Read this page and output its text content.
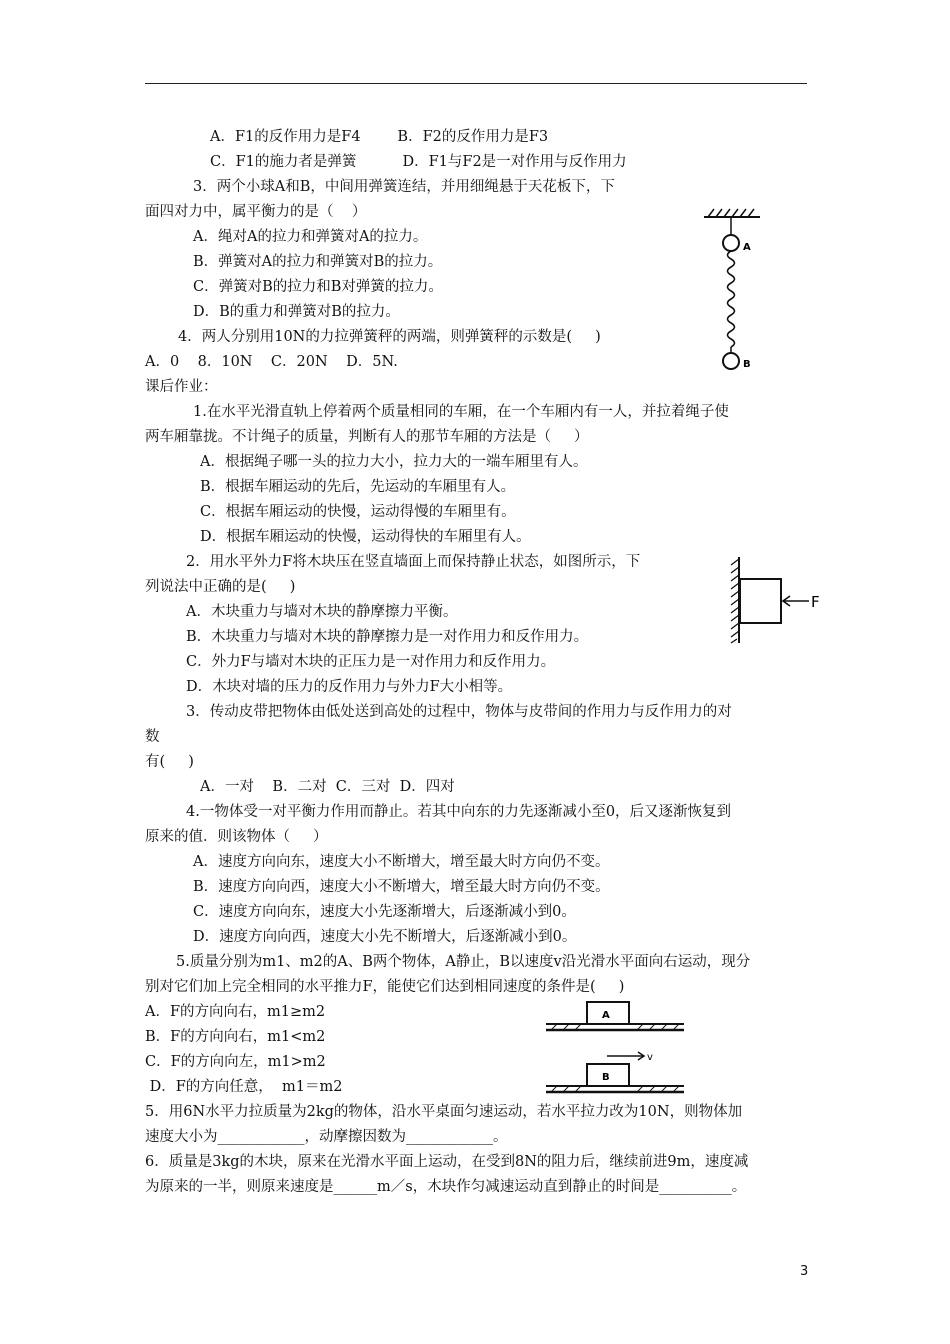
A．F1的反作用力是F4        B．F2的反作用力是F3
C．F1的施力者是弹簧          D．F1与F2是一对作用与反作用力
3．两个小球A和B，中间用弹簧连结，并用细绳悬于天花板下，下
面四对力中，属平衡力的是（    ）
A．绳对A的拉力和弹簧对A的拉力。
B．弹簧对A的拉力和弹簧对B的拉力。
C．弹簧对B的拉力和B对弹簧的拉力。
D．B的重力和弹簧对B的拉力。
4．两人分别用10N的力拉弹簧秤的两端，则弹簧秤的示数是(     )
A．0    8．10N    C．20N    D．5N.
课后作业：
1.在水平光滑直轨上停着两个质量相同的车厢，在一个车厢内有一人，并拉着绳子使
两车厢靠拢。不计绳子的质量，判断有人的那节车厢的方法是（     ）
A．根据绳子哪一头的拉力大小，拉力大的一端车厢里有人。
B．根据车厢运动的先后，先运动的车厢里有人。
C．根据车厢运动的快慢，运动得慢的车厢里有。
D．根据车厢运动的快慢，运动得快的车厢里有人。
2．用水平外力F将木块压在竖直墙面上而保持静止状态，如图所示，下
列说法中正确的是(     )
A．木块重力与墙对木块的静摩擦力平衡。
B．木块重力与墙对木块的静摩擦力是一对作用力和反作用力。
C．外力F与墙对木块的正压力是一对作用力和反作用力。
D．木块对墙的压力的反作用力与外力F大小相等。
3．传动皮带把物体由低处送到高处的过程中，物体与皮带间的作用力与反作用力的对
数
有(     )
A．一对    B．二对  C．三对  D．四对
4.一物体受一对平衡力作用而静止。若其中向东的力先逐渐减小至0，后又逐渐恢复到
原来的值．则该物体（     ）
A．速度方向向东，速度大小不断增大，增至最大时方向仍不变。
B．速度方向向西，速度大小不断增大，增至最大时方向仍不变。
C．速度方向向东，速度大小先逐渐增大，后逐渐减小到0。
D．速度方向向西，速度大小先不断增大，后逐渐减小到0。
5.质量分别为m1、m2的A、B两个物体，A静止，B以速度v沿光滑水平面向右运动，现分
别对它们加上完全相同的水平推力F，能使它们达到相同速度的条件是(     )
A．F的方向向右，m1≥m2
B．F的方向向右，m1<m2
C．F的方向向左，m1>m2
D．F的方向任意，  m1＝m2
5．用6N水平力拉质量为2kg的物体，沿水平桌面匀速运动，若水平拉力改为10N，则物体加
速度大小为____________，动摩擦因数为____________。
6．质量是3kg的木块，原来在光滑水平面上运动，在受到8N的阻力后，继续前进9m，速度减
为原来的一半，则原来速度是______m／s，木块作匀减速运动直到静止的时间是__________。
A
B
F
A
v
B
3
